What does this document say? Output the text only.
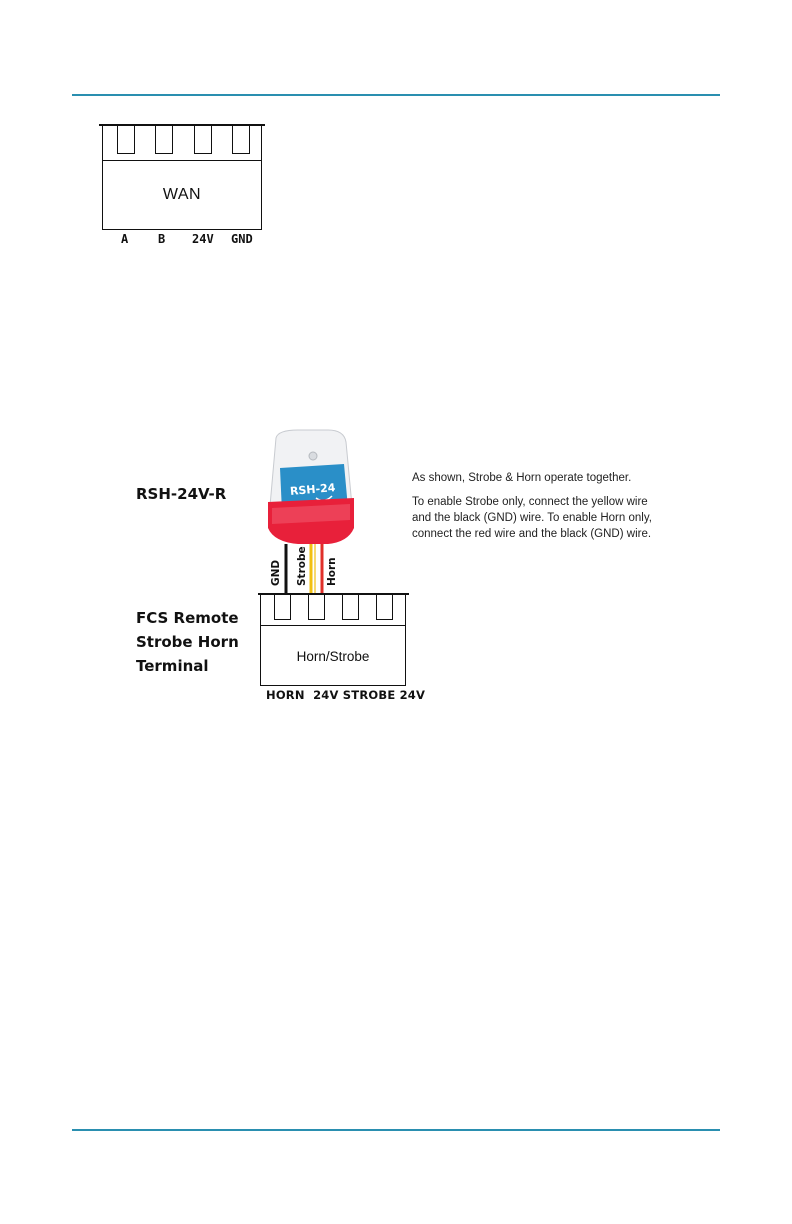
WAN
A B 24V GND
RSH-24V-R	RSH-24
GND Strobe Horn

As shown, Strobe & Horn operate together.

To enable Strobe only, connect the yellow wire and the black (GND) wire. To enable Horn only, connect the red wire and the black (GND) wire.

FCS Remote
Strobe Horn
Terminal
Horn/Strobe
HORN  24V STROBE 24V
